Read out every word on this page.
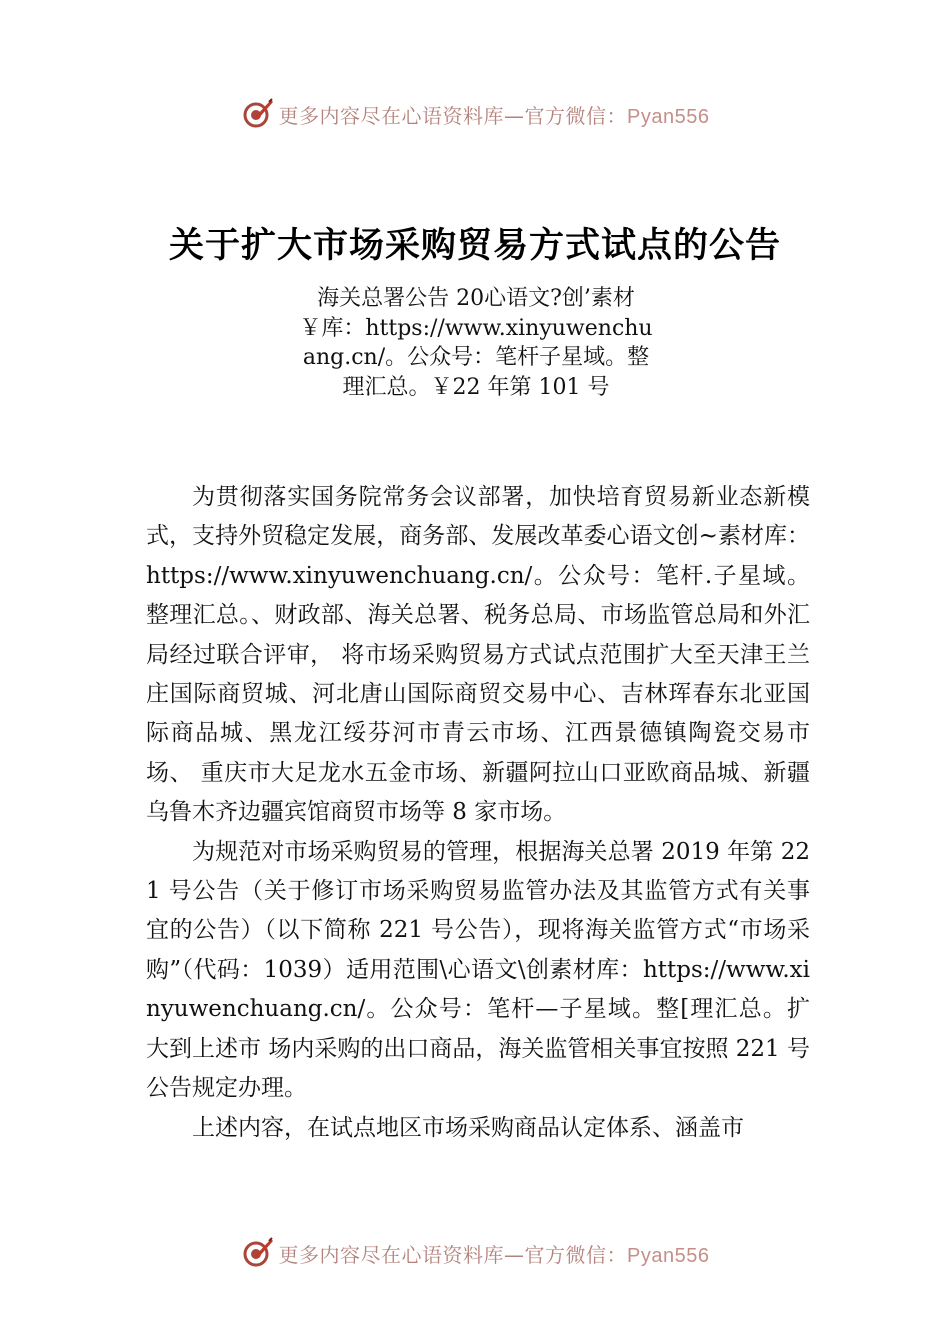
更多内容尽在心语资料库—官方微信：Pyan556
关于扩大市场采购贸易方式试点的公告
海关总署公告 20心语文?创’素材￥库：https://www.xinyuwenchuang.cn/。公众号：笔杆子星域。整理汇总。￥22 年第 101 号

为贯彻落实国务院常务会议部署，加快培育贸易新业态新模式，支持外贸稳定发展，商务部、发展改革委心语文创~素材库：https://www.xinyuwenchuang.cn/。公众号：笔杆.子星域。整理汇总。、财政部、海关总署、税务总局、市场监管总局和外汇局经过联合评审， 将市场采购贸易方式试点范围扩大至天津王兰庄国际商贸城、河北唐山国际商贸交易中心、吉林珲春东北亚国际商品城、黑龙江绥芬河市青云市场、江西景德镇陶瓷交易市场、 重庆市大足龙水五金市场、新疆阿拉山口亚欧商品城、新疆乌鲁木齐边疆宾馆商贸市场等 8 家市场。

为规范对市场采购贸易的管理，根据海关总署 2019 年第 221 号公告（关于修订市场采购贸易监管办法及其监管方式有关事宜的公告）（以下简称 221 号公告），现将海关监管方式“市场采购”（代码：1039）适用范围\心语文\创素材库：https://www.xinyuwenchuang.cn/。公众号：笔杆—子星域。整[理汇总。扩大到上述市 场内采购的出口商品，海关监管相关事宜按照 221 号公告规定办理。

上述内容，在试点地区市场采购商品认定体系、涵盖市

更多内容尽在心语资料库—官方微信：Pyan556
